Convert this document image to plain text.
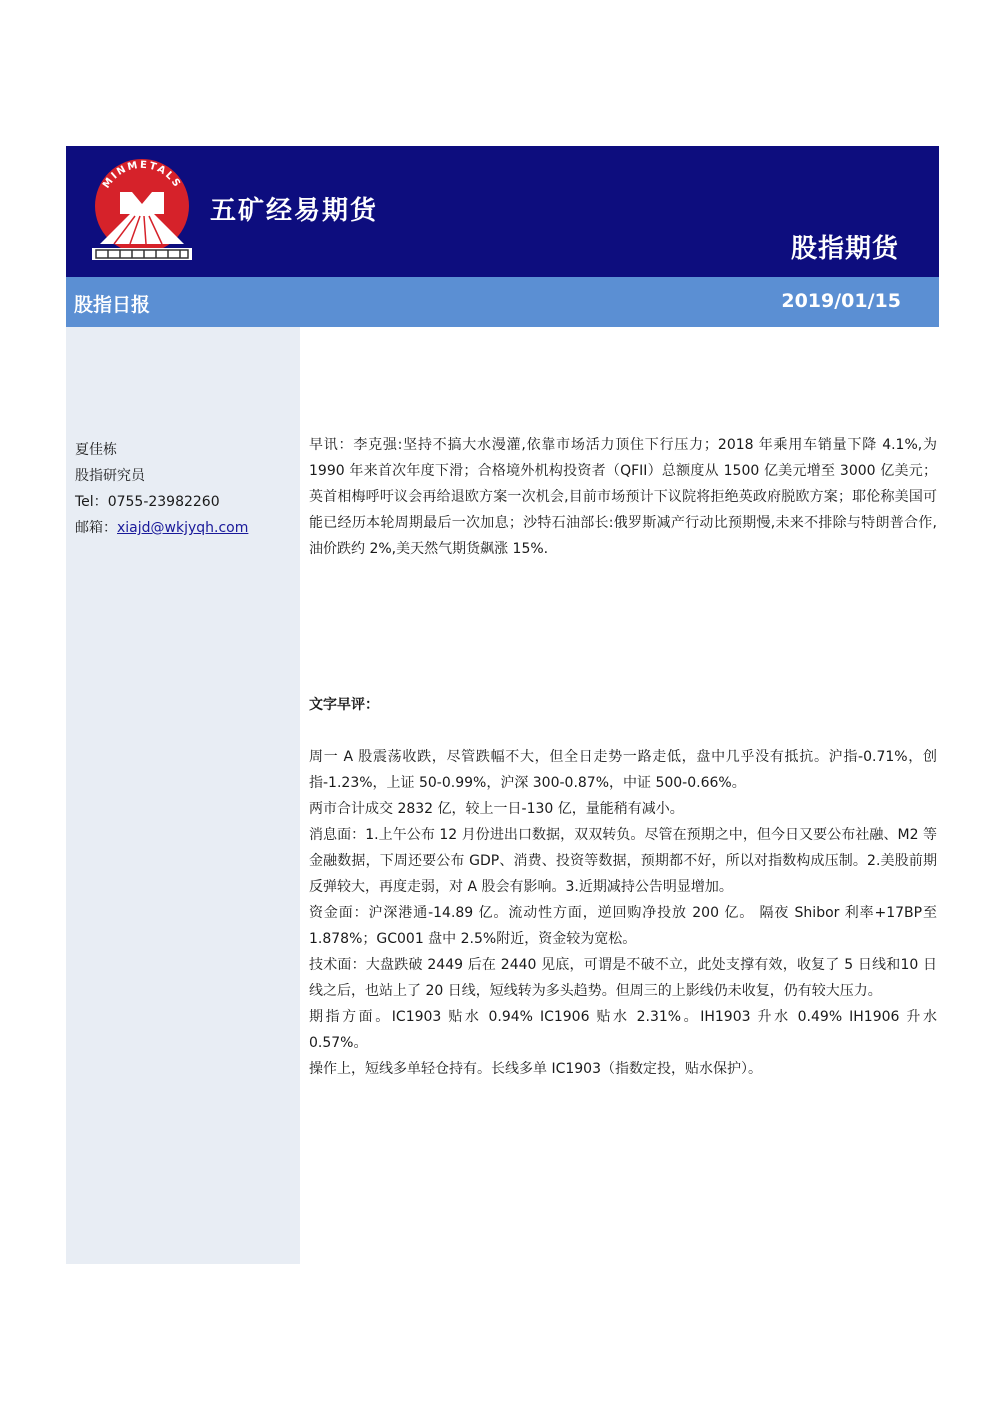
MINMETALS
五矿经易期货
股指期货
股指日报	2019/01/15
夏佳栋
股指研究员
Tel：0755-23982260
邮箱：xiajd@wkjyqh.com

早讯：李克强:坚持不搞大水漫灌,依靠市场活力顶住下行压力；2018 年乘用车销量下降 4.1%,为 1990 年来首次年度下滑；合格境外机构投资者（QFII）总额度从 1500 亿美元增至 3000 亿美元；英首相梅呼吁议会再给退欧方案一次机会,目前市场预计下议院将拒绝英政府脱欧方案；耶伦称美国可能已经历本轮周期最后一次加息；沙特石油部长:俄罗斯减产行动比预期慢,未来不排除与特朗普合作,油价跌约 2%,美天然气期货飙涨 15%.

文字早评：

周一 A 股震荡收跌，尽管跌幅不大，但全日走势一路走低，盘中几乎没有抵抗。沪指-0.71%，创指-1.23%，上证 50-0.99%，沪深 300-0.87%，中证 500-0.66%。

两市合计成交 2832 亿，较上一日-130 亿，量能稍有减小。

消息面：1.上午公布 12 月份进出口数据，双双转负。尽管在预期之中，但今日又要公布社融、M2 等金融数据，下周还要公布 GDP、消费、投资等数据，预期都不好，所以对指数构成压制。2.美股前期反弹较大，再度走弱，对 A 股会有影响。3.近期减持公告明显增加。

资金面：沪深港通-14.89 亿。流动性方面，逆回购净投放 200 亿。 隔夜 Shibor 利率+17BP至 1.878%；GC001 盘中 2.5%附近，资金较为宽松。

技术面：大盘跌破 2449 后在 2440 见底，可谓是不破不立，此处支撑有效，收复了 5 日线和10 日线之后，也站上了 20 日线，短线转为多头趋势。但周三的上影线仍未收复，仍有较大压力。

期指方面。IC1903 贴水 0.94% IC1906 贴水 2.31%。IH1903 升水 0.49% IH1906 升水 0.57%。

操作上，短线多单轻仓持有。长线多单 IC1903（指数定投，贴水保护）。
